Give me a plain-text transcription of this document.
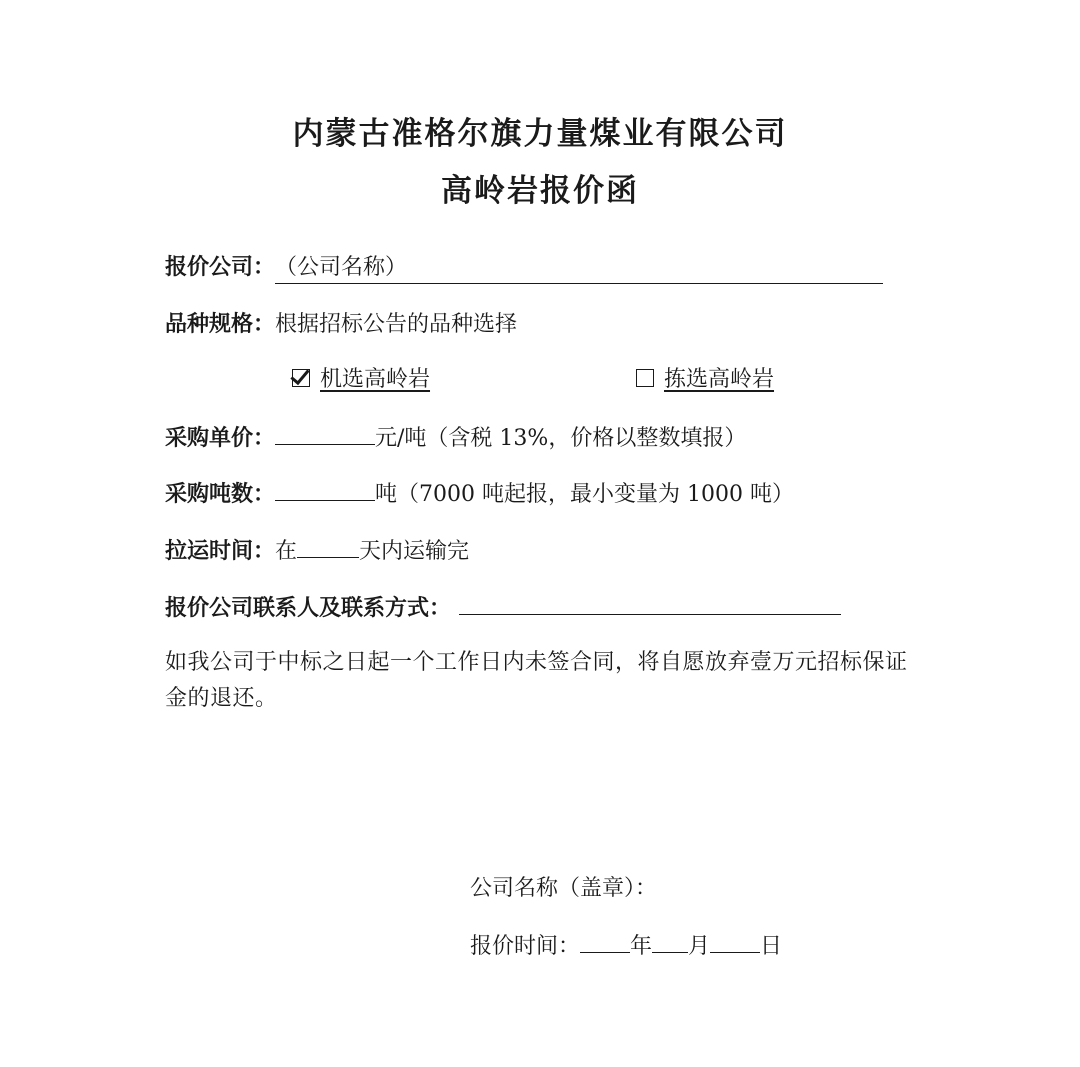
内蒙古准格尔旗力量煤业有限公司
高岭岩报价函
报价公司：（公司名称）
品种规格：根据招标公告的品种选择
机选高岭岩	拣选高岭岩
采购单价：	元/吨（含税 13%，价格以整数填报）
采购吨数：	吨（7000 吨起报，最小变量为 1000 吨）
拉运时间：在	天内运输完
报价公司联系人及联系方式：
如我公司于中标之日起一个工作日内未签合同，将自愿放弃壹万元招标保证金的退还。
公司名称（盖章）：
报价时间： 年 月 日
